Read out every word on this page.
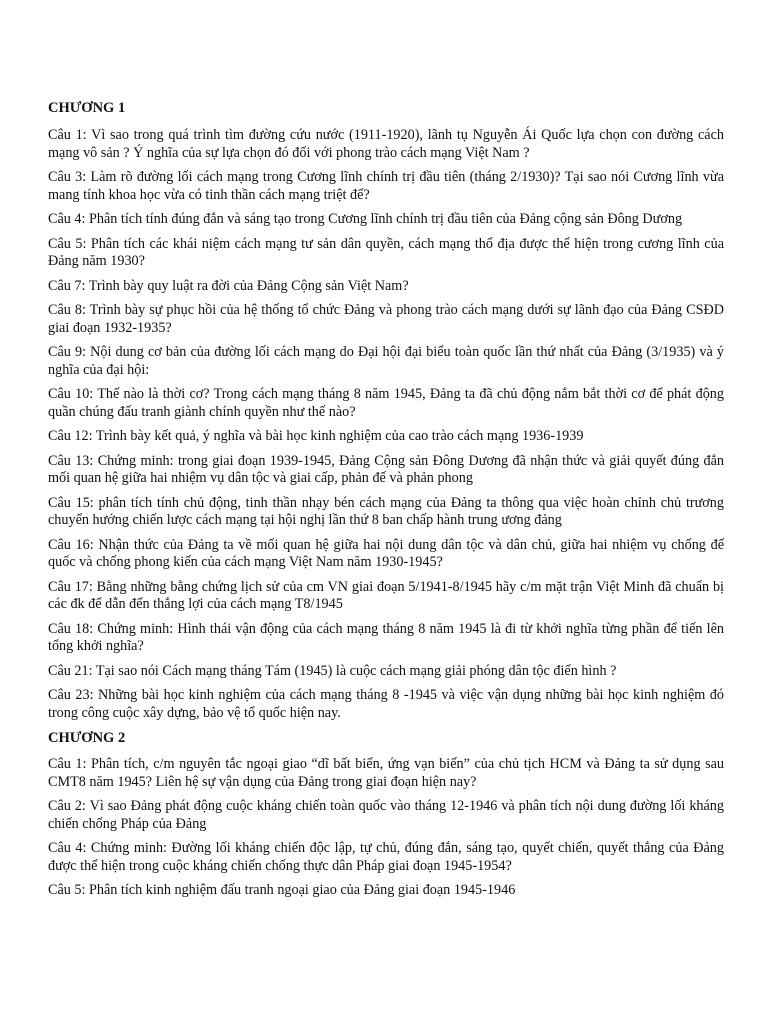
CHƯƠNG 1

Câu 1: Vì sao trong quá trình tìm đường cứu nước (1911-1920), lãnh tụ Nguyễn Ái Quốc lựa chọn con đường cách mạng vô sản ? Ý nghĩa của sự lựa chọn đó đối với phong trào cách mạng Việt Nam ?

Câu 3: Làm rõ đường lối cách mạng trong Cương lĩnh chính trị đầu tiên (tháng 2/1930)? Tại sao nói Cương lĩnh vừa mang tính khoa học vừa có tinh thần cách mạng triệt để?

Câu 4: Phân tích tính đúng đắn và sáng tạo trong Cương lĩnh chính trị đầu tiên của Đảng cộng sản Đông Dương

Câu 5: Phân tích các khái niệm cách mạng tư sản dân quyền, cách mạng thổ địa được thể hiện trong cương lĩnh của Đảng năm 1930?

Câu 7: Trình bày quy luật ra đời của Đảng Cộng sản Việt Nam?

Câu 8: Trình bày sự phục hồi của hệ thống tổ chức Đảng và phong trào cách mạng dưới sự lãnh đạo của Đảng CSĐD giai đoạn 1932-1935?

Câu 9: Nội dung cơ bản của đường lối cách mạng do Đại hội đại biểu toàn quốc lần thứ nhất của Đảng (3/1935) và ý nghĩa của đại hội:

Câu 10: Thế nào là thời cơ? Trong cách mạng tháng 8 năm 1945, Đảng ta đã chủ động nắm bắt thời cơ để phát động quần chúng đấu tranh giành chính quyền như thế nào?

Câu 12: Trình bày kết quả, ý nghĩa và bài học kinh nghiệm của cao trào cách mạng 1936-1939

Câu 13: Chứng minh: trong giai đoạn 1939-1945, Đảng Cộng sản Đông Dương đã nhận thức và giải quyết đúng đắn mối quan hệ giữa hai nhiệm vụ dân tộc và giai cấp, phản đế và phản phong

Câu 15: phân tích tính chủ động, tinh thần nhạy bén cách mạng của Đảng ta thông qua việc hoàn chỉnh chủ trương chuyển hướng chiến lược cách mạng tại hội nghị lần thứ 8 ban chấp hành trung ương đảng

Câu 16: Nhận thức của Đảng ta về mối quan hệ giữa hai nội dung dân tộc và dân chủ, giữa hai nhiệm vụ chống đế quốc và chống phong kiến của cách mạng Việt Nam năm 1930-1945?

Câu 17: Bằng những bằng chứng lịch sử của cm VN giai đoạn 5/1941-8/1945 hãy c/m mặt trận Việt Minh đã chuẩn bị các đk để dẫn đến thắng lợi của cách mạng T8/1945

Câu 18: Chứng minh: Hình thái vận động của cách mạng tháng 8 năm 1945 là đi từ khởi nghĩa từng phần để tiến lên tổng khởi nghĩa?

Câu 21: Tại sao nói Cách mạng tháng Tám (1945) là cuộc cách mạng giải phóng dân tộc điển hình ?

Câu 23: Những bài học kinh nghiệm của cách mạng tháng 8 -1945 và việc vận dụng những bài học kinh nghiệm đó trong công cuộc xây dựng, bảo vệ tổ quốc hiện nay.

CHƯƠNG 2

Câu 1: Phân tích, c/m nguyên tắc ngoại giao “dĩ bất biến, ứng vạn biến” của chủ tịch HCM và Đảng ta sử dụng sau CMT8 năm 1945? Liên hệ sự vận dụng của Đảng trong giai đoạn hiện nay?

Câu 2: Vì sao Đảng phát động cuộc kháng chiến toàn quốc vào tháng 12-1946 và phân tích nội dung đường lối kháng chiến chống Pháp của Đảng

Câu 4: Chứng minh: Đường lối kháng chiến độc lập, tự chủ, đúng đắn, sáng tạo, quyết chiến, quyết thắng của Đảng được thể hiện trong cuộc kháng chiến chống thực dân Pháp giai đoạn 1945-1954?

Câu 5: Phân tích kinh nghiệm đấu tranh ngoại giao của Đảng giai đoạn 1945-1946
